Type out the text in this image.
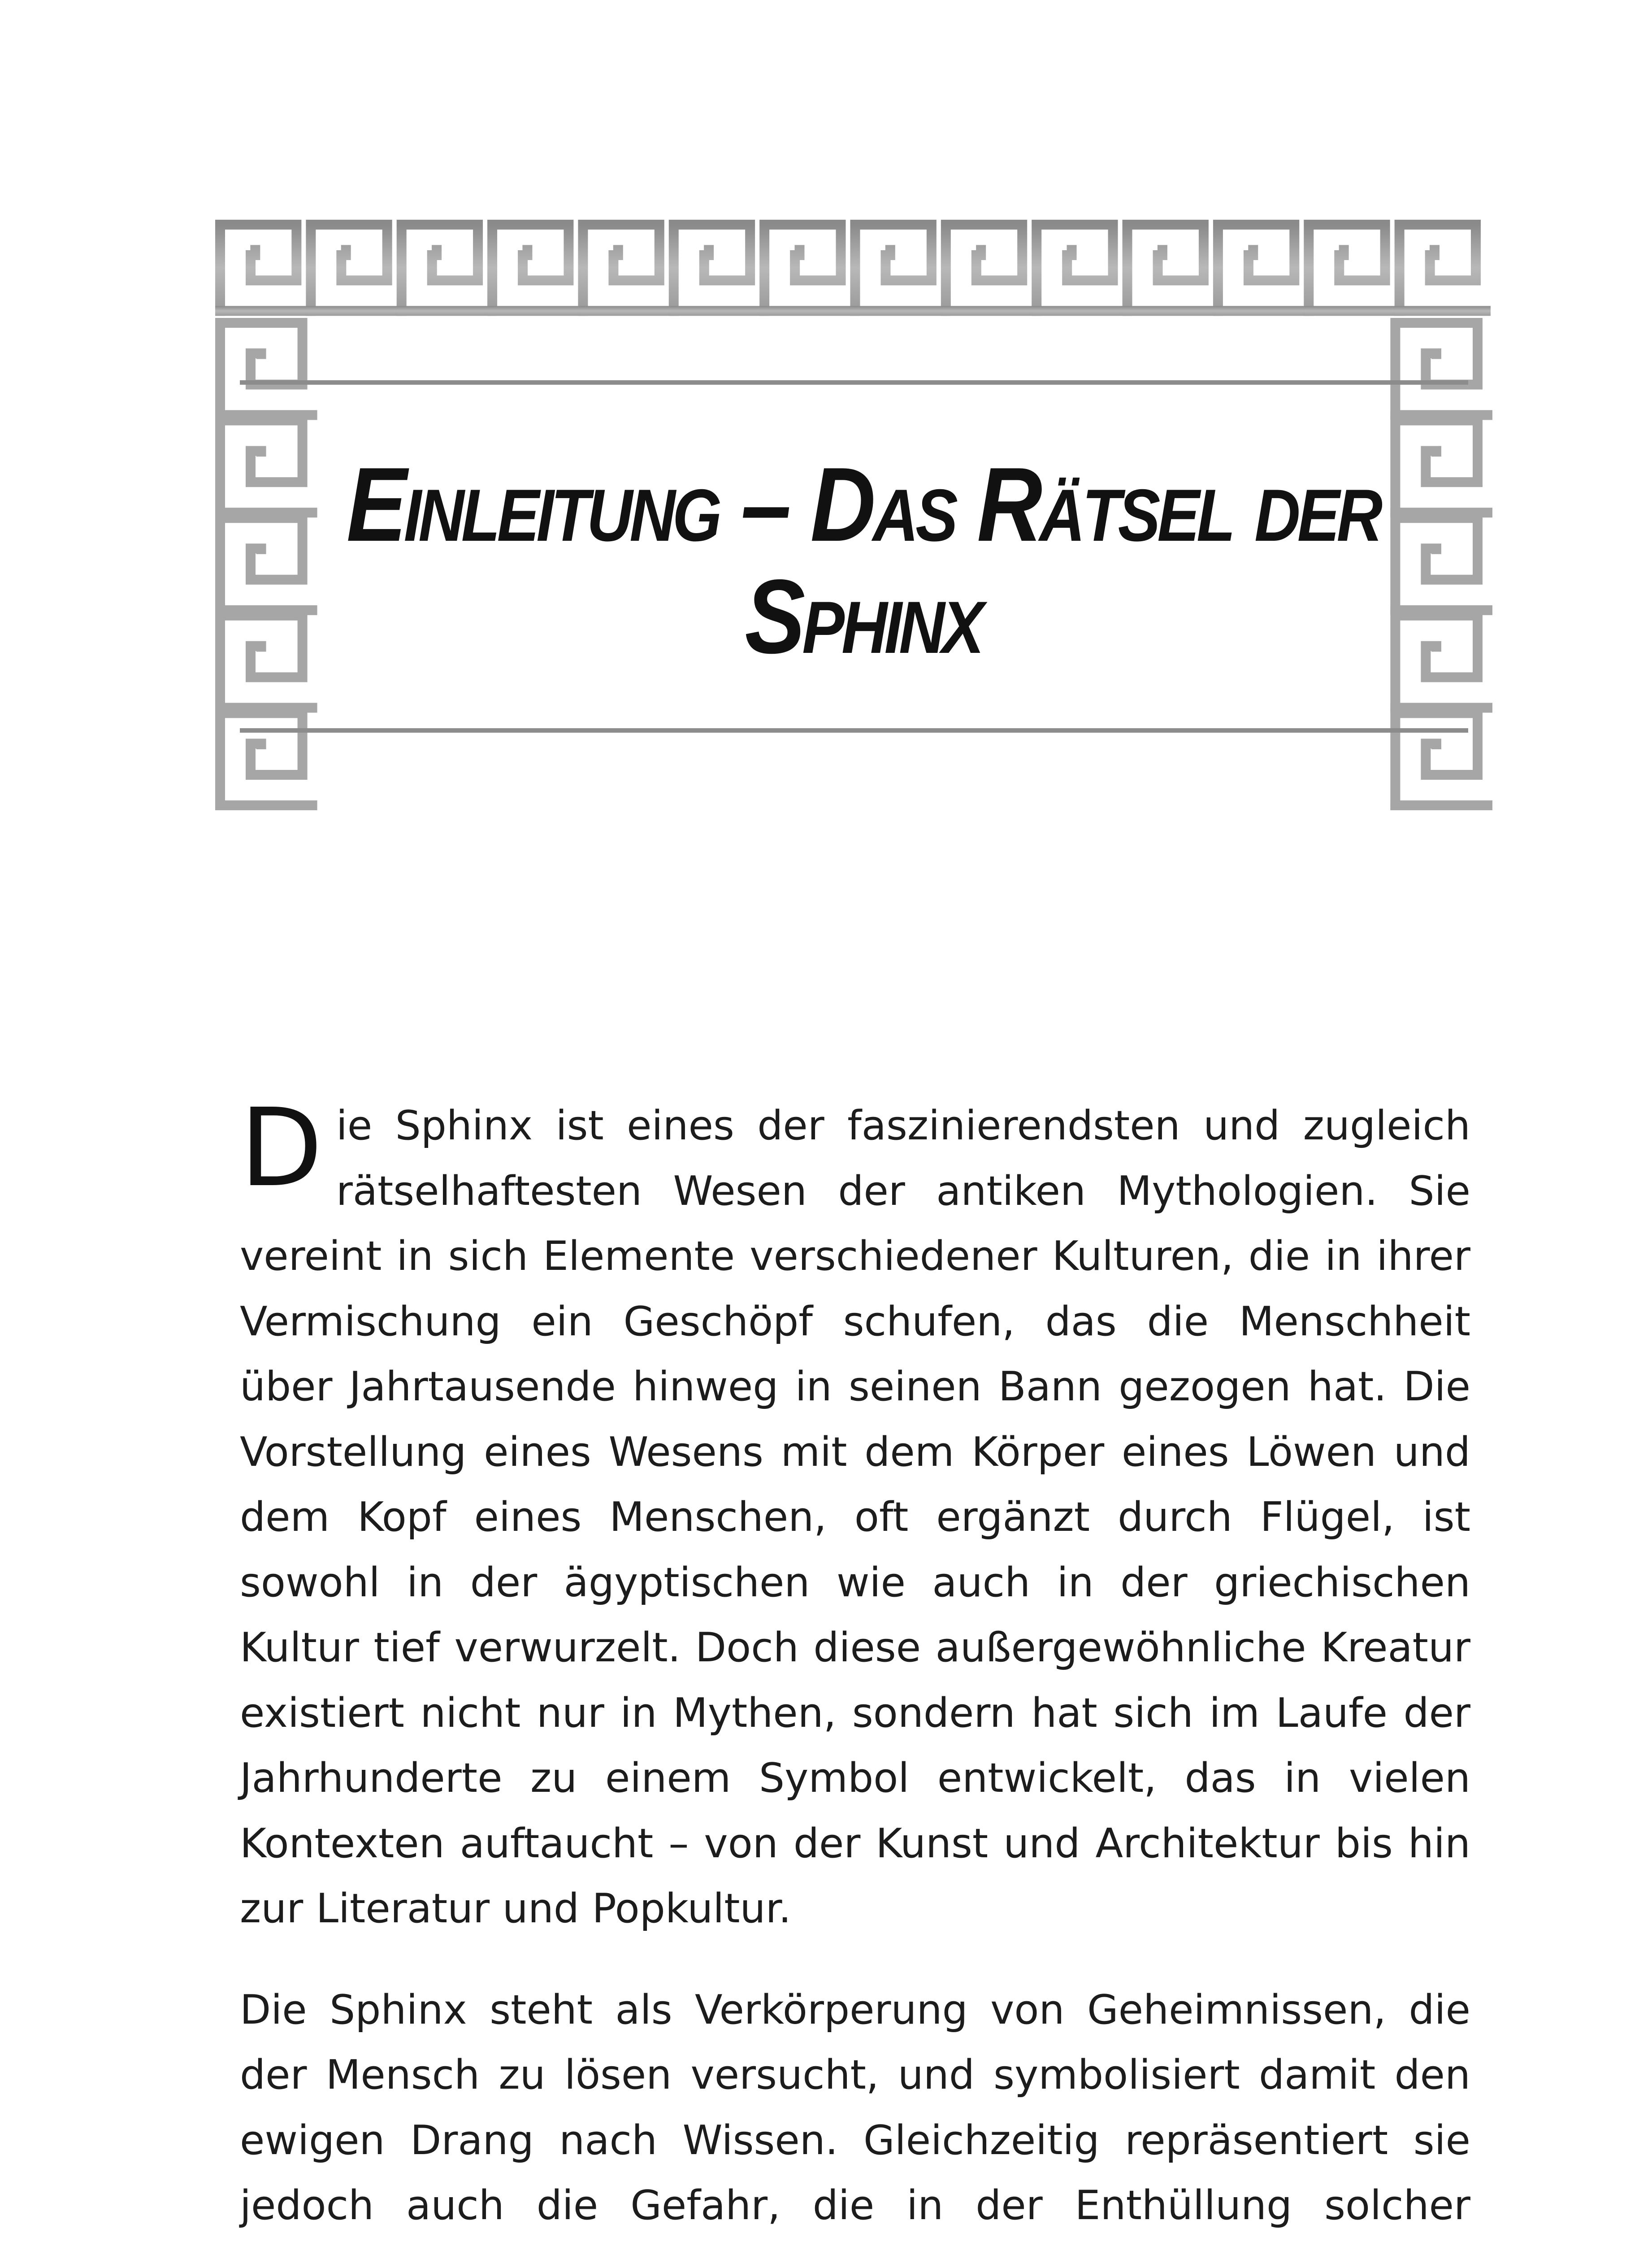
Einleitung – Das Rätsel der
Sphinx

Die Sphinx ist eines der faszinierendsten und zugleich rätselhaftesten Wesen der antiken Mythologien. Sie vereint in sich Elemente verschiedener Kulturen, die in ihrer Vermischung ein Geschöpf schufen, das die Menschheit über Jahrtausende hinweg in seinen Bann gezogen hat. Die Vorstellung eines Wesens mit dem Körper eines Löwen und dem Kopf eines Menschen, oft ergänzt durch Flügel, ist sowohl in der ägyptischen wie auch in der griechischen Kultur tief verwurzelt. Doch diese außergewöhnliche Kreatur existiert nicht nur in Mythen, sondern hat sich im Laufe der Jahrhunderte zu einem Symbol entwickelt, das in vielen Kontexten auftaucht – von der Kunst und Architektur bis hin zur Literatur und Popkultur.

Die Sphinx steht als Verkörperung von Geheimnissen, die der Mensch zu lösen versucht, und symbolisiert damit den ewigen Drang nach Wissen. Gleichzeitig repräsentiert sie jedoch auch die Gefahr, die in der Enthüllung solcher
